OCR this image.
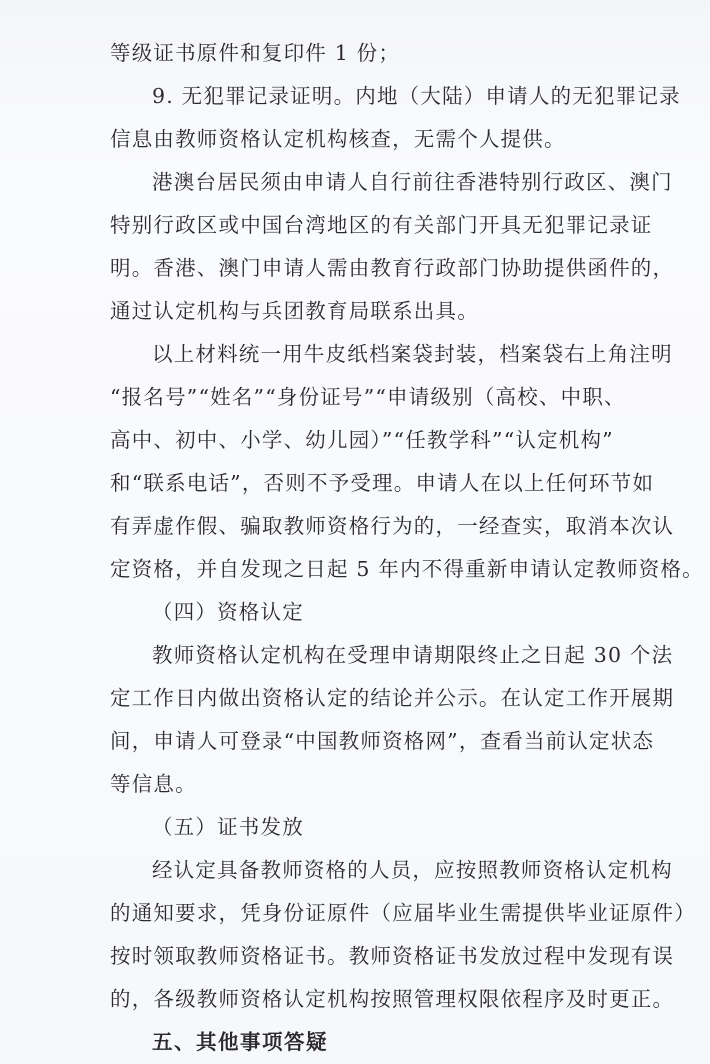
等级证书原件和复印件 1 份；
9. 无犯罪记录证明。内地（大陆）申请人的无犯罪记录
信息由教师资格认定机构核查，无需个人提供。
港澳台居民须由申请人自行前往香港特别行政区、澳门
特别行政区或中国台湾地区的有关部门开具无犯罪记录证
明。香港、澳门申请人需由教育行政部门协助提供函件的，
通过认定机构与兵团教育局联系出具。
以上材料统一用牛皮纸档案袋封装，档案袋右上角注明
“报名号”“姓名”“身份证号”“申请级别（高校、中职、
高中、初中、小学、幼儿园）”“任教学科”“认定机构”
和“联系电话”，否则不予受理。申请人在以上任何环节如
有弄虚作假、骗取教师资格行为的，一经查实，取消本次认
定资格，并自发现之日起 5 年内不得重新申请认定教师资格。
（四）资格认定
教师资格认定机构在受理申请期限终止之日起 30 个法
定工作日内做出资格认定的结论并公示。在认定工作开展期
间，申请人可登录“中国教师资格网”，查看当前认定状态
等信息。
（五）证书发放
经认定具备教师资格的人员，应按照教师资格认定机构
的通知要求，凭身份证原件（应届毕业生需提供毕业证原件）
按时领取教师资格证书。教师资格证书发放过程中发现有误
的，各级教师资格认定机构按照管理权限依程序及时更正。
五、其他事项答疑
